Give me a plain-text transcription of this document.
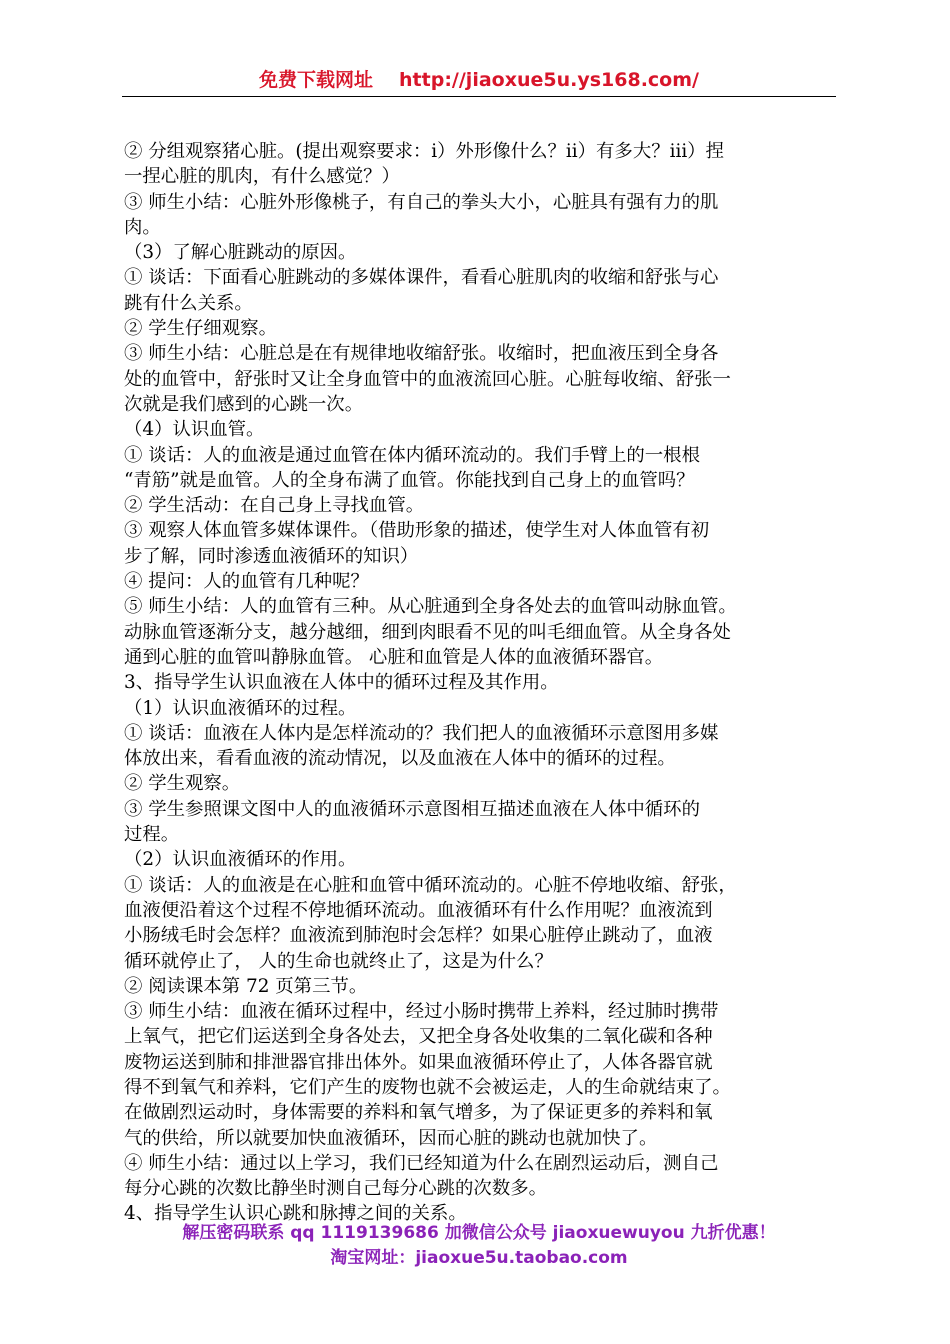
免费下载网址 http://jiaoxue5u.ys168.com/
② 分组观察猪心脏。(提出观察要求：i）外形像什么？ii）有多大？iii）捏
一捏心脏的肌肉，有什么感觉？）
③ 师生小结：心脏外形像桃子，有自己的拳头大小，心脏具有强有力的肌
肉。
（3）了解心脏跳动的原因。
① 谈话：下面看心脏跳动的多媒体课件，看看心脏肌肉的收缩和舒张与心
跳有什么关系。
② 学生仔细观察。
③ 师生小结：心脏总是在有规律地收缩舒张。收缩时，把血液压到全身各
处的血管中，舒张时又让全身血管中的血液流回心脏。心脏每收缩、舒张一
次就是我们感到的心跳一次。
（4）认识血管。
① 谈话：人的血液是通过血管在体内循环流动的。我们手臂上的一根根
“青筋”就是血管。人的全身布满了血管。你能找到自己身上的血管吗？
② 学生活动：在自己身上寻找血管。
③ 观察人体血管多媒体课件。（借助形象的描述，使学生对人体血管有初
步了解，同时渗透血液循环的知识）
④ 提问：人的血管有几种呢？
⑤ 师生小结：人的血管有三种。从心脏通到全身各处去的血管叫动脉血管。
动脉血管逐渐分支，越分越细，细到肉眼看不见的叫毛细血管。从全身各处
通到心脏的血管叫静脉血管。 心脏和血管是人体的血液循环器官。
3、指导学生认识血液在人体中的循环过程及其作用。
（1）认识血液循环的过程。
① 谈话：血液在人体内是怎样流动的？我们把人的血液循环示意图用多媒
体放出来，看看血液的流动情况，以及血液在人体中的循环的过程。
② 学生观察。
③ 学生参照课文图中人的血液循环示意图相互描述血液在人体中循环的
过程。
（2）认识血液循环的作用。
① 谈话：人的血液是在心脏和血管中循环流动的。心脏不停地收缩、舒张，
血液便沿着这个过程不停地循环流动。血液循环有什么作用呢？血液流到
小肠绒毛时会怎样？血液流到肺泡时会怎样？如果心脏停止跳动了，血液
循环就停止了， 人的生命也就终止了，这是为什么？
② 阅读课本第 72 页第三节。
③ 师生小结：血液在循环过程中，经过小肠时携带上养料，经过肺时携带
上氧气，把它们运送到全身各处去，又把全身各处收集的二氧化碳和各种
废物运送到肺和排泄器官排出体外。如果血液循环停止了，人体各器官就
得不到氧气和养料，它们产生的废物也就不会被运走，人的生命就结束了。
在做剧烈运动时，身体需要的养料和氧气增多，为了保证更多的养料和氧
气的供给，所以就要加快血液循环，因而心脏的跳动也就加快了。
④ 师生小结：通过以上学习，我们已经知道为什么在剧烈运动后，测自己
每分心跳的次数比静坐时测自己每分心跳的次数多。
4、指导学生认识心跳和脉搏之间的关系。
解压密码联系 qq 1119139686 加微信公众号 jiaoxuewuyou 九折优惠！
淘宝网址：jiaoxue5u.taobao.com
